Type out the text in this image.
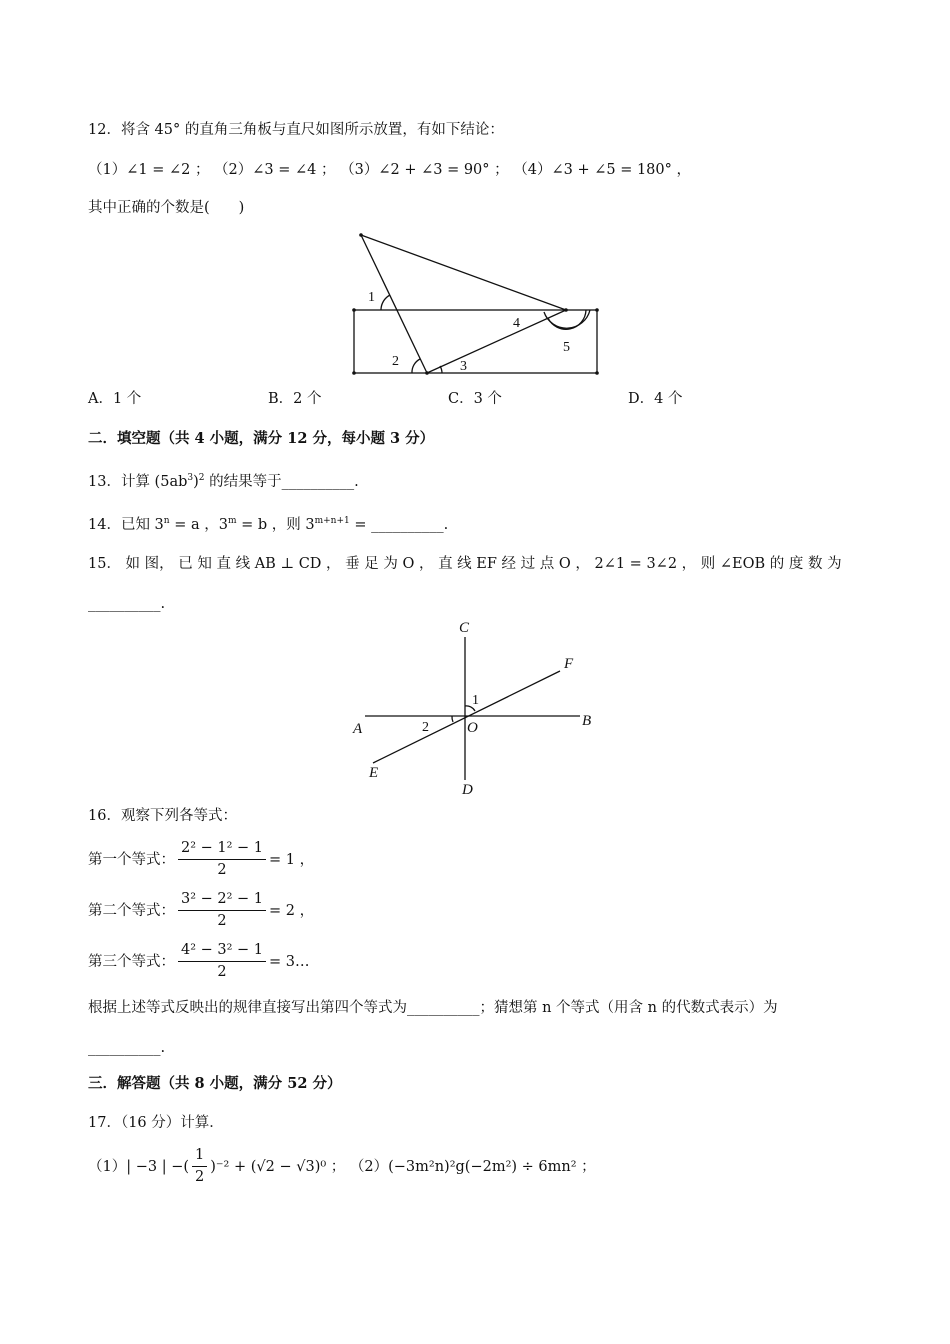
12．将含 45° 的直角三角板与直尺如图所示放置，有如下结论：
（1）∠1 = ∠2 ； （2）∠3 = ∠4 ； （3）∠2 + ∠3 = 90° ； （4）∠3 + ∠5 = 180° ，
其中正确的个数是(　　)
1
2	3
4
5
A．1 个	B．2 个	C．3 个	D．4 个
二．填空题（共 4 小题，满分 12 分，每小题 3 分）
13．计算 $(5ab^3)^2$ 的结果等于__________.
14．已知 $3^n = a$ ，$3^m = b$ ，则 $3^{m+n+1}$ = __________.
15． 如 图， 已 知 直 线 AB ⊥ CD ， 垂 足 为 O ， 直 线 EF 经 过 点 O ， 2∠1 = 3∠2 ， 则 ∠EOB 的 度 数 为
__________.
C
F
A	B
O
E
D
1
2
16．观察下列各等式：
第一个等式： $\frac{\text{2² − 1² − 1}}{2} = 1$ ，
第二个等式： $\frac{\text{3² − 2² − 1}}{2} = 2$ ，
第三个等式： $\frac{\text{4² − 3² − 1}}{2}$ = 3…
根据上述等式反映出的规律直接写出第四个等式为__________；猜想第 n 个等式（用含 n 的代数式表示）为
__________.
三．解答题（共 8 小题，满分 52 分）
17．（16 分）计算．
（1）| −3 | −( $\frac{1}{2} )^{-2} + (√2 - √3)^0$ ； （2）(−3m²n)²g(−2m²) ÷ 6mn² ；
